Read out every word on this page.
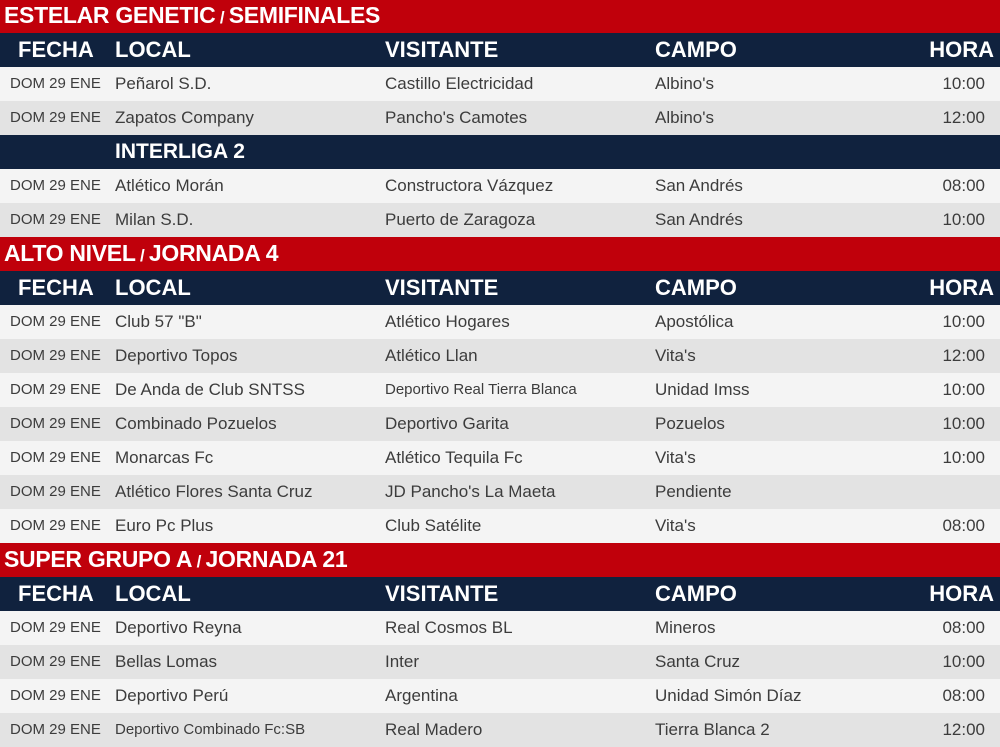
ESTELAR GENETIC / SEMIFINALES
FECHA LOCAL	VISITANTE	CAMPO	HORA
DOM 29 ENE Peñarol S.D.	Castillo Electricidad	Albino's	10:00
DOM 29 ENE Zapatos Company	Pancho's Camotes	Albino's	12:00
INTERLIGA 2
DOM 29 ENE Atlético Morán	Constructora Vázquez	San Andrés	08:00
DOM 29 ENE Milan S.D.	Puerto de Zaragoza	San Andrés	10:00
ALTO NIVEL / JORNADA 4
FECHA LOCAL	VISITANTE	CAMPO	HORA
DOM 29 ENE Club 57 "B"	Atlético Hogares	Apostólica	10:00
DOM 29 ENE Deportivo Topos	Atlético Llan	Vita's	12:00
DOM 29 ENE De Anda de Club SNTSS	Deportivo Real Tierra Blanca	Unidad Imss	10:00
DOM 29 ENE Combinado Pozuelos	Deportivo Garita	Pozuelos	10:00
DOM 29 ENE Monarcas Fc	Atlético Tequila Fc	Vita's	10:00
DOM 29 ENE Atlético Flores Santa Cruz	JD Pancho's La Maeta	Pendiente
DOM 29 ENE Euro Pc Plus	Club Satélite	Vita's	08:00
SUPER GRUPO A / JORNADA 21
FECHA LOCAL	VISITANTE	CAMPO	HORA
DOM 29 ENE Deportivo Reyna	Real Cosmos BL	Mineros	08:00
DOM 29 ENE Bellas Lomas	Inter	Santa Cruz	10:00
DOM 29 ENE Deportivo Perú	Argentina	Unidad Simón Díaz	08:00
DOM 29 ENE Deportivo Combinado Fc:SB	Real Madero	Tierra Blanca 2	12:00
